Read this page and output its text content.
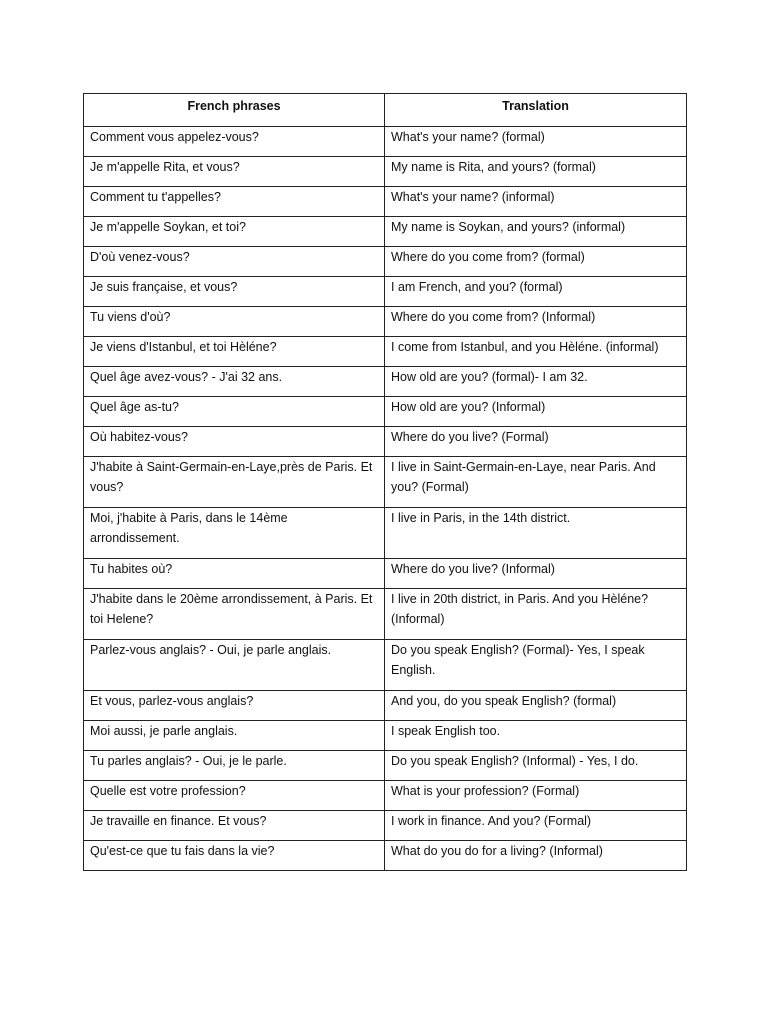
French phrases	Translation
Comment vous appelez-vous?	What's your name? (formal)
Je m'appelle Rita, et vous?	My name is Rita, and yours? (formal)
Comment tu t'appelles?	What's your name? (informal)
Je m'appelle Soykan, et toi?	My name is Soykan, and yours? (informal)
D'où venez-vous?	Where do you come from? (formal)
Je suis française, et vous?	I am French, and you? (formal)
Tu viens d'où?	Where do you come from? (Informal)
Je viens d'Istanbul, et toi Hèléne?	I come from Istanbul, and you Hèléne. (informal)
Quel âge avez-vous? - J'ai 32 ans.	How old are you? (formal)- I am 32.
Quel âge as-tu?	How old are you? (Informal)
Où habitez-vous?	Where do you live? (Formal)
J'habite à Saint-Germain-en-Laye,près de Paris. Et vous?	I live in Saint-Germain-en-Laye, near Paris. And you? (Formal)
Moi, j'habite à Paris, dans le 14ème arrondissement.	I live in Paris, in the 14th district.
Tu habites où?	Where do you live? (Informal)
J'habite dans le 20ème arrondissement, à Paris. Et toi Helene?	I live in 20th district, in Paris. And you Hèléne? (Informal)
Parlez-vous anglais? - Oui, je parle anglais.	Do you speak English? (Formal)- Yes, I speak English.
Et vous, parlez-vous anglais?	And you, do you speak English? (formal)
Moi aussi, je parle anglais.	I speak English too.
Tu parles anglais? - Oui, je le parle.	Do you speak English? (Informal) - Yes, I do.
Quelle est votre profession?	What is your profession? (Formal)
Je travaille en finance. Et vous?	I work in finance. And you? (Formal)
Qu'est-ce que tu fais dans la vie?	What do you do for a living? (Informal)
